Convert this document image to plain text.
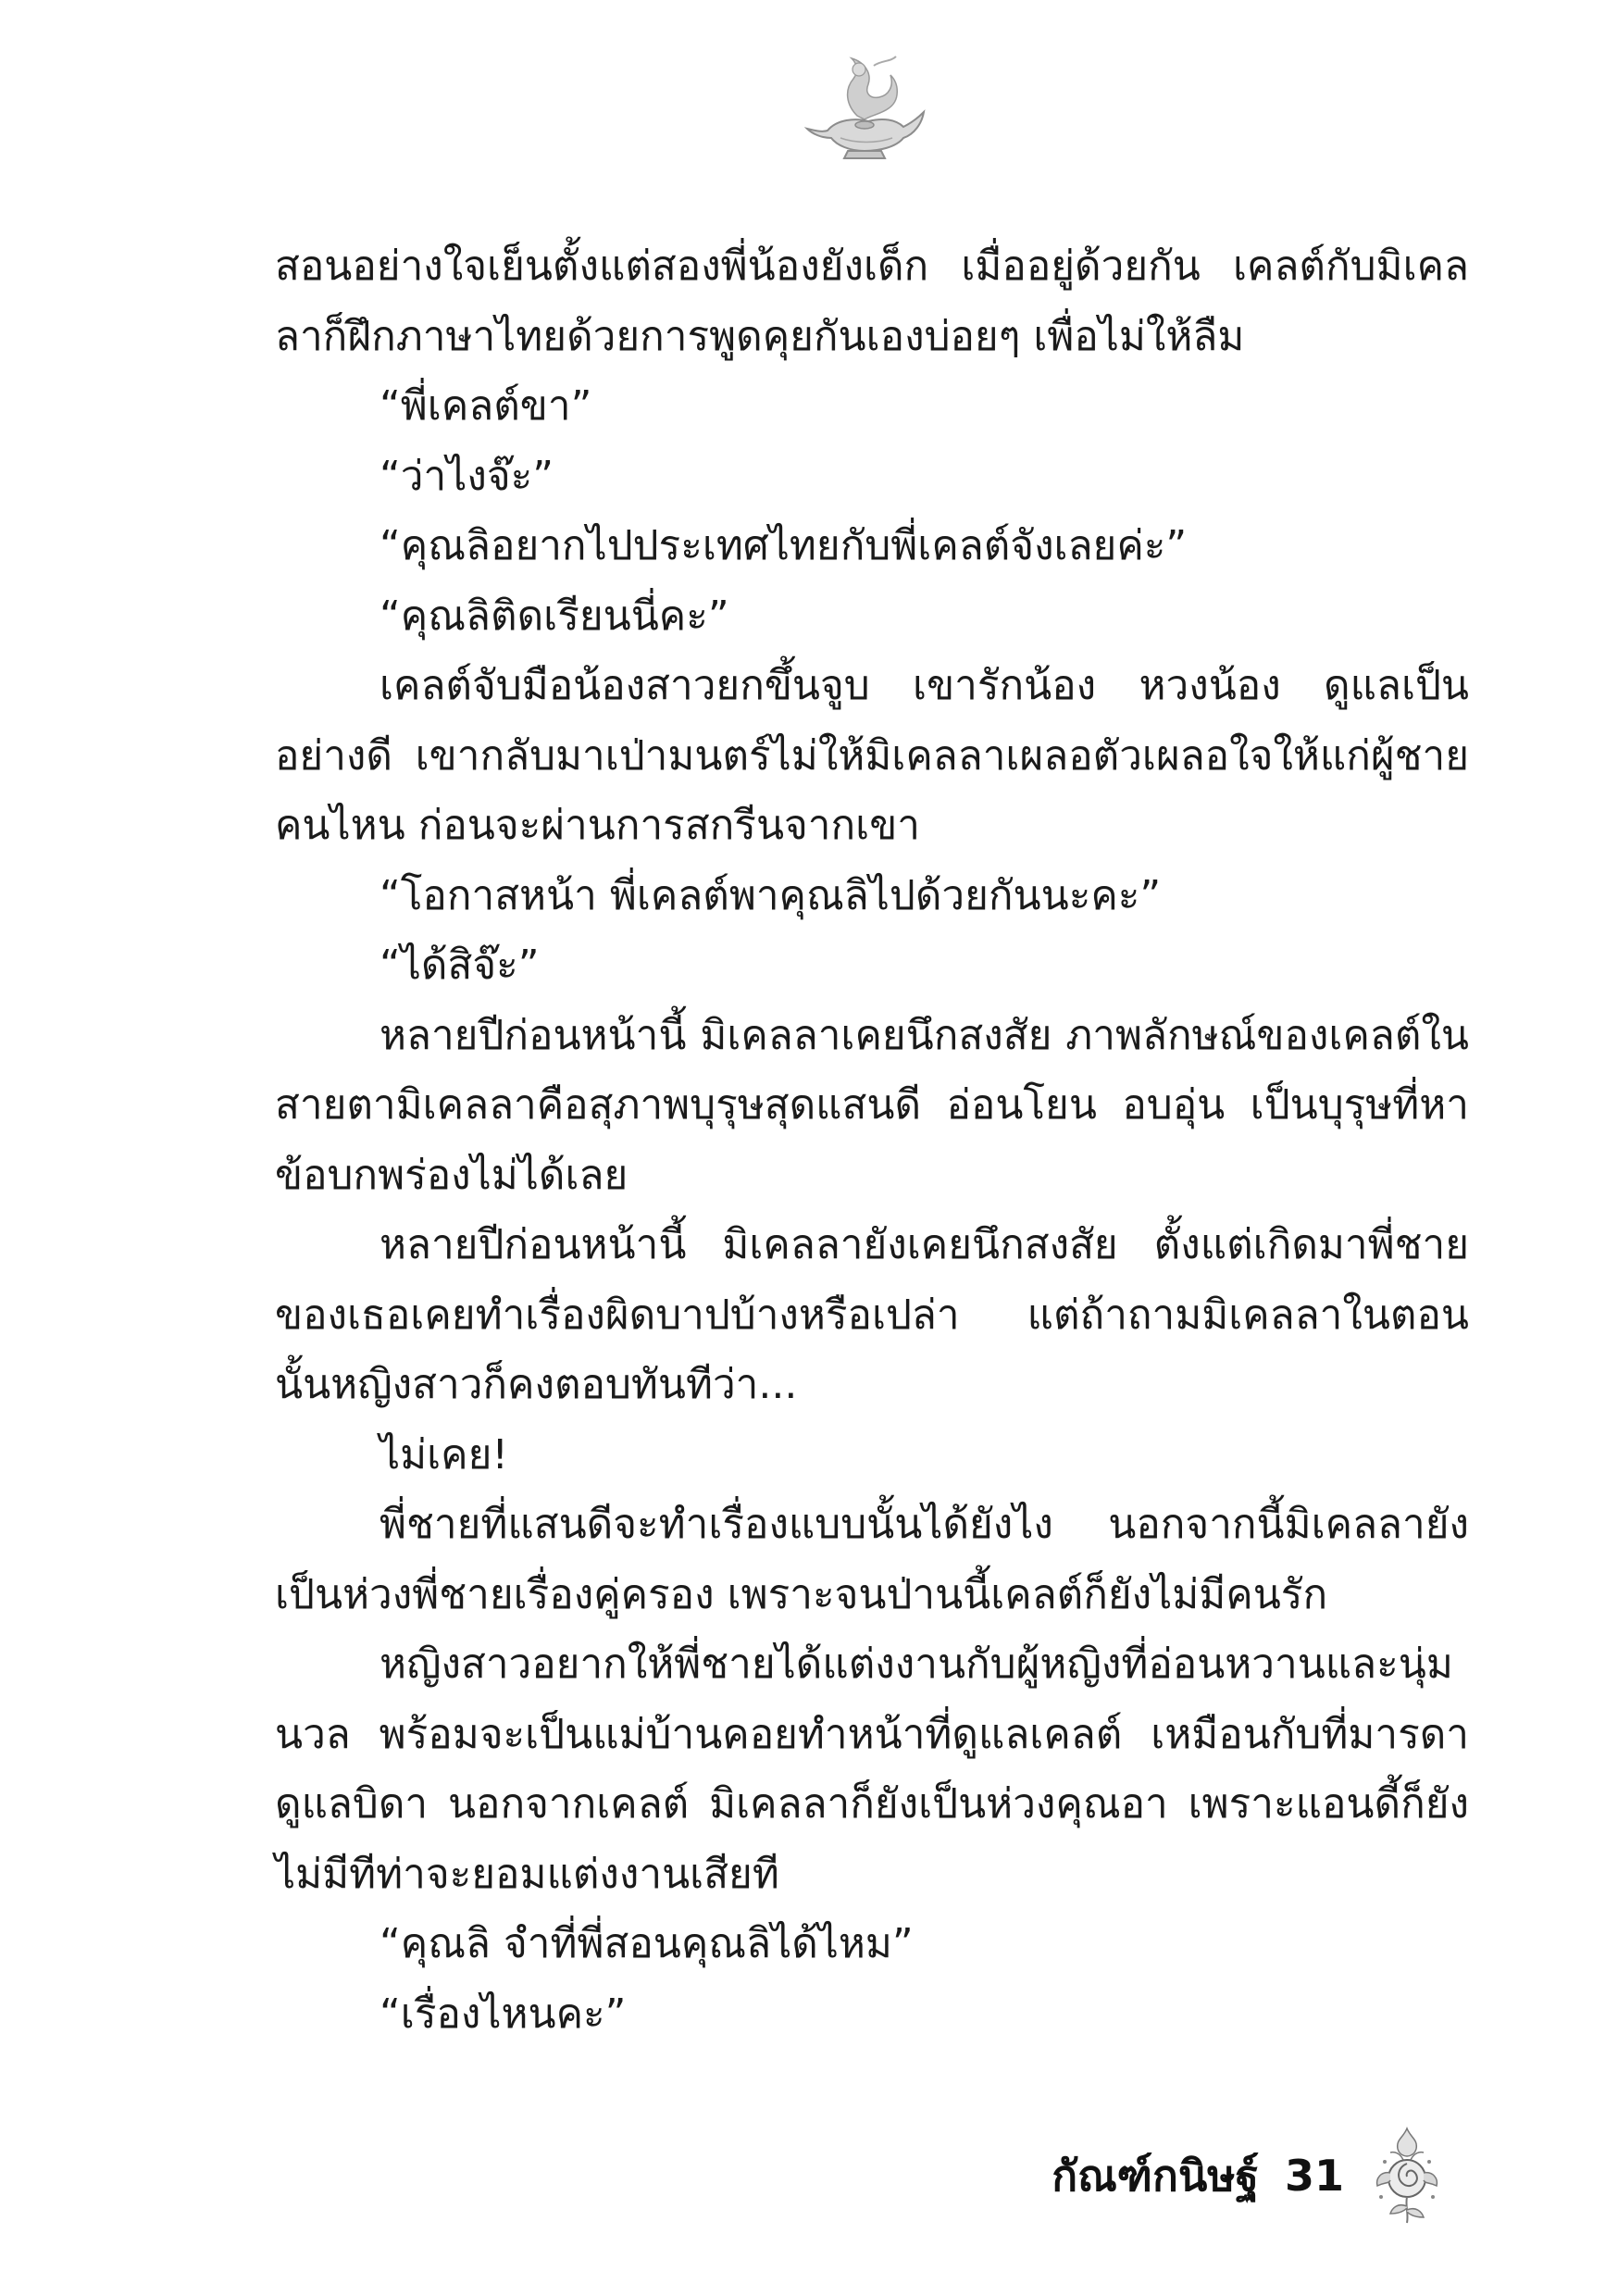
สอนอย่างใจเย็นตั้งแต่สองพี่น้องยังเด็ก เมื่ออยู่ด้วยกัน เคลต์กับมิเคลลาก็ฝึกภาษาไทยด้วยการพูดคุยกันเองบ่อยๆ เพื่อไม่ให้ลืม

“พี่เคลต์ขา”

“ว่าไงจ๊ะ”

“คุณลิอยากไปประเทศไทยกับพี่เคลต์จังเลยค่ะ”

“คุณลิติดเรียนนี่คะ”

เคลต์จับมือน้องสาวยกขึ้นจูบ เขารักน้อง หวงน้อง ดูแลเป็นอย่างดี เขากลับมาเป่ามนตร์ไม่ให้มิเคลลาเผลอตัวเผลอใจให้แก่ผู้ชายคนไหน ก่อนจะผ่านการสกรีนจากเขา

“โอกาสหน้า พี่เคลต์พาคุณลิไปด้วยกันนะคะ”

“ได้สิจ๊ะ”

หลายปีก่อนหน้านี้ มิเคลลาเคยนึกสงสัย ภาพลักษณ์ของเคลต์ในสายตามิเคลลาคือสุภาพบุรุษสุดแสนดี อ่อนโยน อบอุ่น เป็นบุรุษที่หาข้อบกพร่องไม่ได้เลย

หลายปีก่อนหน้านี้ มิเคลลายังเคยนึกสงสัย ตั้งแต่เกิดมาพี่ชายของเธอเคยทำเรื่องผิดบาปบ้างหรือเปล่า แต่ถ้าถามมิเคลลาในตอนนั้นหญิงสาวก็คงตอบทันทีว่า...

ไม่เคย!

พี่ชายที่แสนดีจะทำเรื่องแบบนั้นได้ยังไง นอกจากนี้มิเคลลายังเป็นห่วงพี่ชายเรื่องคู่ครอง เพราะจนป่านนี้เคลต์ก็ยังไม่มีคนรัก

หญิงสาวอยากให้พี่ชายได้แต่งงานกับผู้หญิงที่อ่อนหวานและนุ่มนวล พร้อมจะเป็นแม่บ้านคอยทำหน้าที่ดูแลเคลต์ เหมือนกับที่มารดาดูแลบิดา นอกจากเคลต์ มิเคลลาก็ยังเป็นห่วงคุณอา เพราะแอนดี้ก็ยังไม่มีทีท่าจะยอมแต่งงานเสียที

“คุณลิ จำที่พี่สอนคุณลิได้ไหม”

“เรื่องไหนคะ”

กัณฑ์กนิษฐ์ 31
